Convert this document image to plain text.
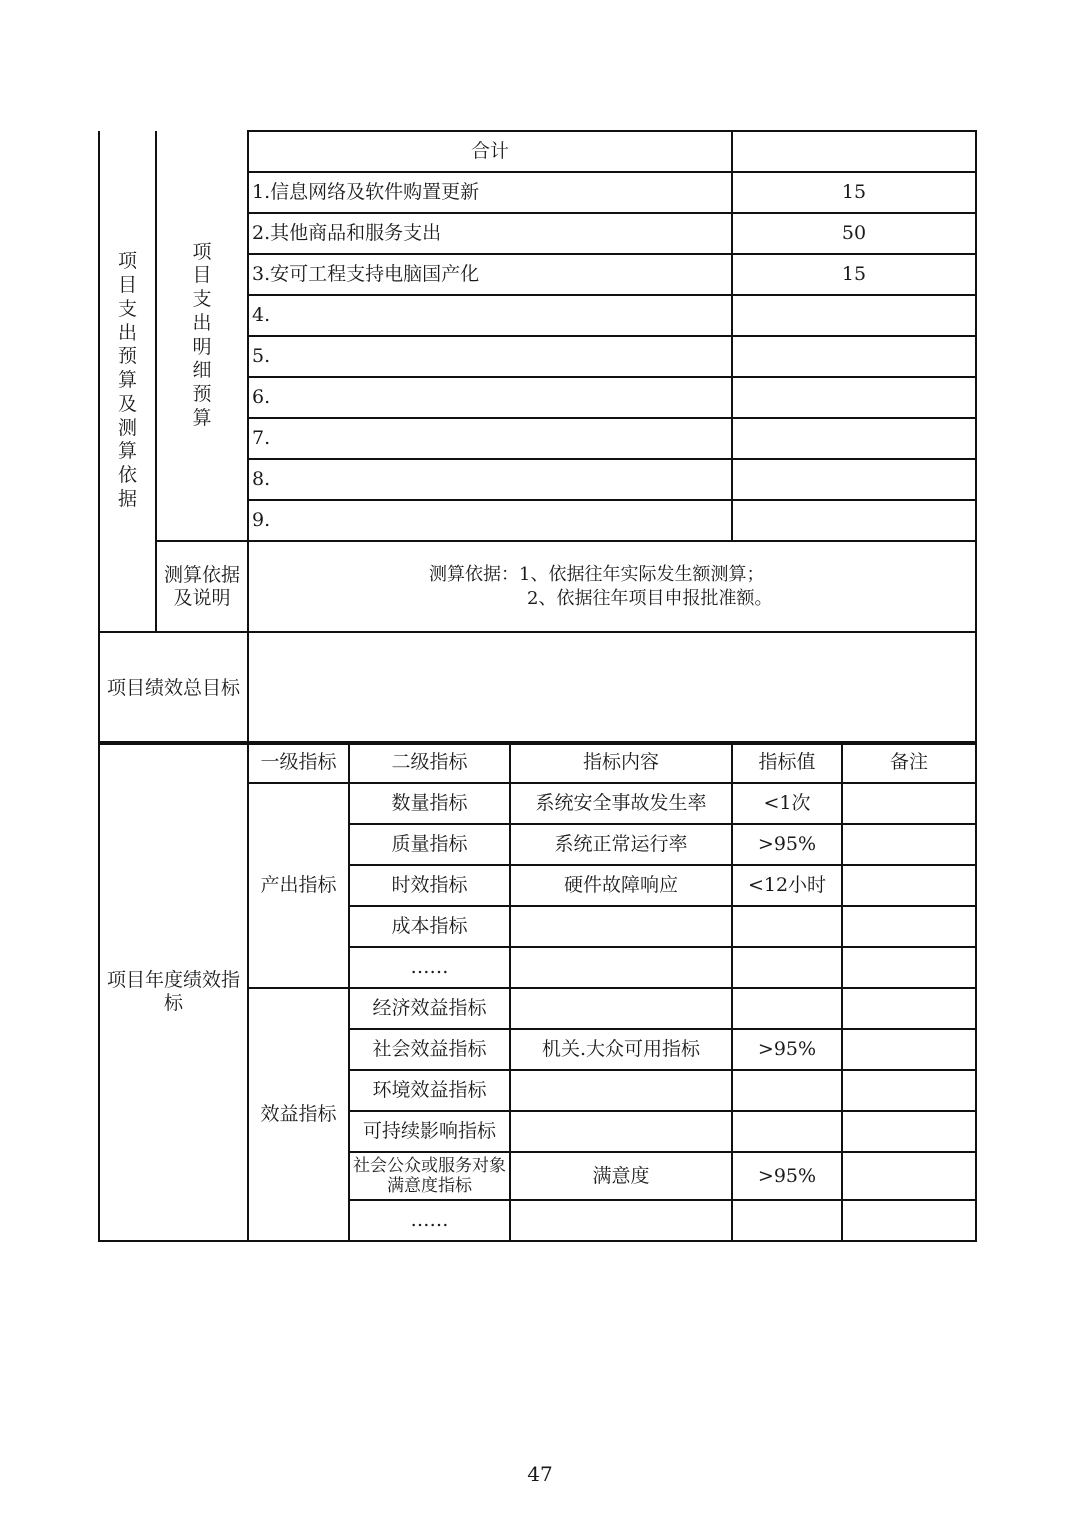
项目支出预算及测算依据	项目支出明细预算	合计	
		1.信息网络及软件购置更新	15
		2.其他商品和服务支出	50
		3.安可工程支持电脑国产化	15
		4.	
		5.	
		6.	
		7.	
		8.	
		9.	
	测算依据及说明	测算依据：1、依据往年实际发生额测算；
2、依据往年项目申报批准额。	

项目绩效总目标			
项目年度绩效指标	一级指标	二级指标	指标内容	指标值	备注
	产出指标	数量指标	系统安全事故发生率	<1次	
		质量指标	系统正常运行率	>95%	
		时效指标	硬件故障响应	<12小时	
		成本指标			
		……			
	效益指标	经济效益指标			
		社会效益指标	机关.大众可用指标	>95%	
		环境效益指标			
		可持续影响指标			
		社会公众或服务对象满意度指标	满意度	>95%	
		……			
47
